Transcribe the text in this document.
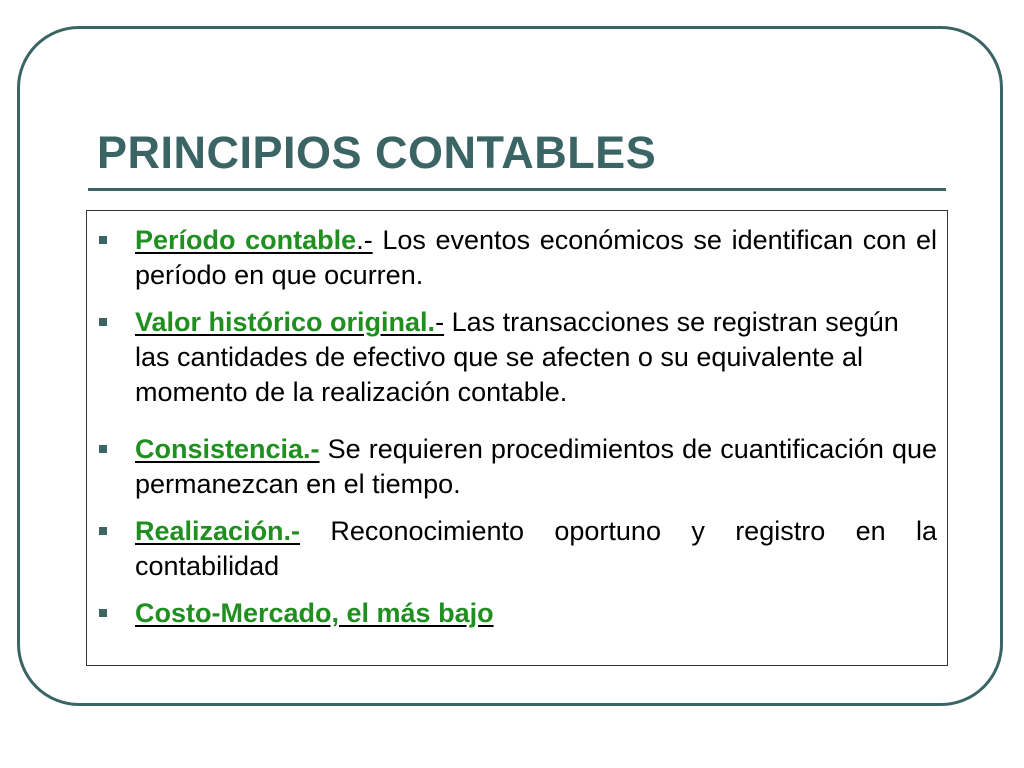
PRINCIPIOS CONTABLES
Período contable.- Los eventos económicos se identifican con el período en que ocurren.
Valor histórico original.- Las transacciones se registran según las cantidades de efectivo que se afecten o su equivalente al momento de la realización contable.
Consistencia.- Se requieren procedimientos de cuantificación que permanezcan en el tiempo.
Realización.- Reconocimiento oportuno y registro en la contabilidad
Costo-Mercado, el más bajo
